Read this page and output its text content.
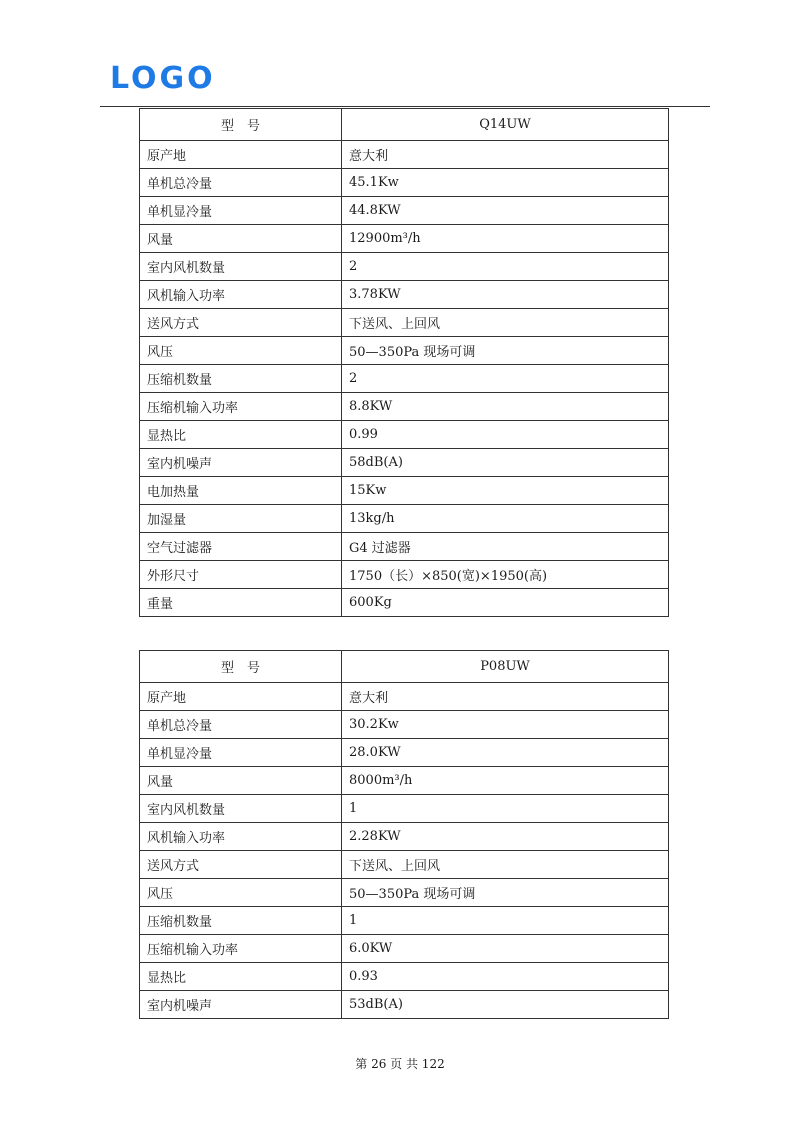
LOGO
型　号	Q14UW
原产地	意大利
单机总冷量	45.1Kw
单机显冷量	44.8KW
风量	12900m³/h
室内风机数量	2
风机输入功率	3.78KW
送风方式	下送风、上回风
风压	50—350Pa 现场可调
压缩机数量	2
压缩机输入功率	8.8KW
显热比	0.99
室内机噪声	58dB(A)
电加热量	15Kw
加湿量	13kg/h
空气过滤器	G4 过滤器
外形尺寸	1750（长）×850(宽)×1950(高)
重量	600Kg
型　号	P08UW
原产地	意大利
单机总冷量	30.2Kw
单机显冷量	28.0KW
风量	8000m³/h
室内风机数量	1
风机输入功率	2.28KW
送风方式	下送风、上回风
风压	50—350Pa 现场可调
压缩机数量	1
压缩机输入功率	6.0KW
显热比	0.93
室内机噪声	53dB(A)
第 26 页 共 122
